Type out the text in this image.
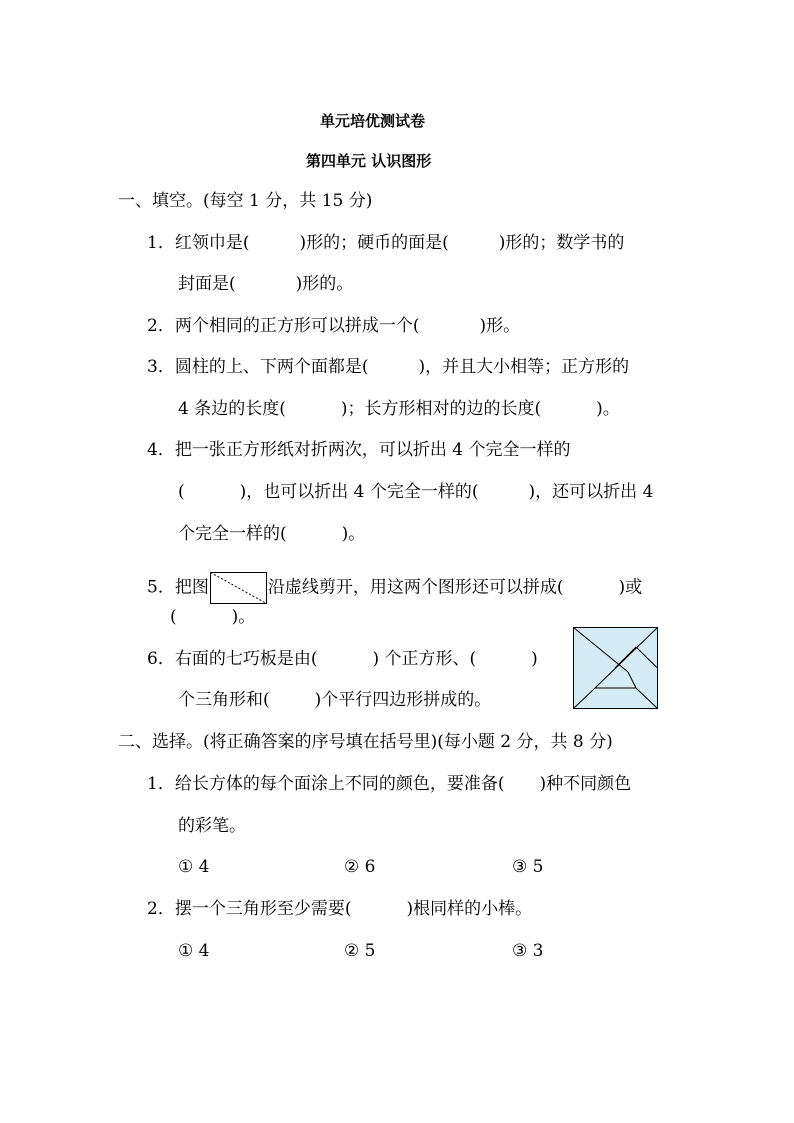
单元培优测试卷
第四单元 认识图形
一、填空。(每空 1 分，共 15 分)
1．红领巾是(	)形的；硬币的面是(	)形的；数学书的
封面是(	)形的。
2．两个相同的正方形可以拼成一个(	)形。
3．圆柱的上、下两个面都是(	)，并且大小相等；正方形的
4 条边的长度(	)；长方形相对的边的长度(	)。
4．把一张正方形纸对折两次，可以折出 4 个完全一样的
(	)，也可以折出 4 个完全一样的(	)，还可以折出 4
个完全一样的(	)。
5．把图	沿虚线剪开，用这两个图形还可以拼成(	)或
(	)。
6．右面的七巧板是由(	) 个正方形、(	)
个三角形和(	)个平行四边形拼成的。
二、选择。(将正确答案的序号填在括号里)(每小题 2 分，共 8 分)
1．给长方体的每个面涂上不同的颜色，要准备( )种不同颜色
的彩笔。
① 4	② 6	③ 5
2．摆一个三角形至少需要(	)根同样的小棒。
① 4	② 5	③ 3
